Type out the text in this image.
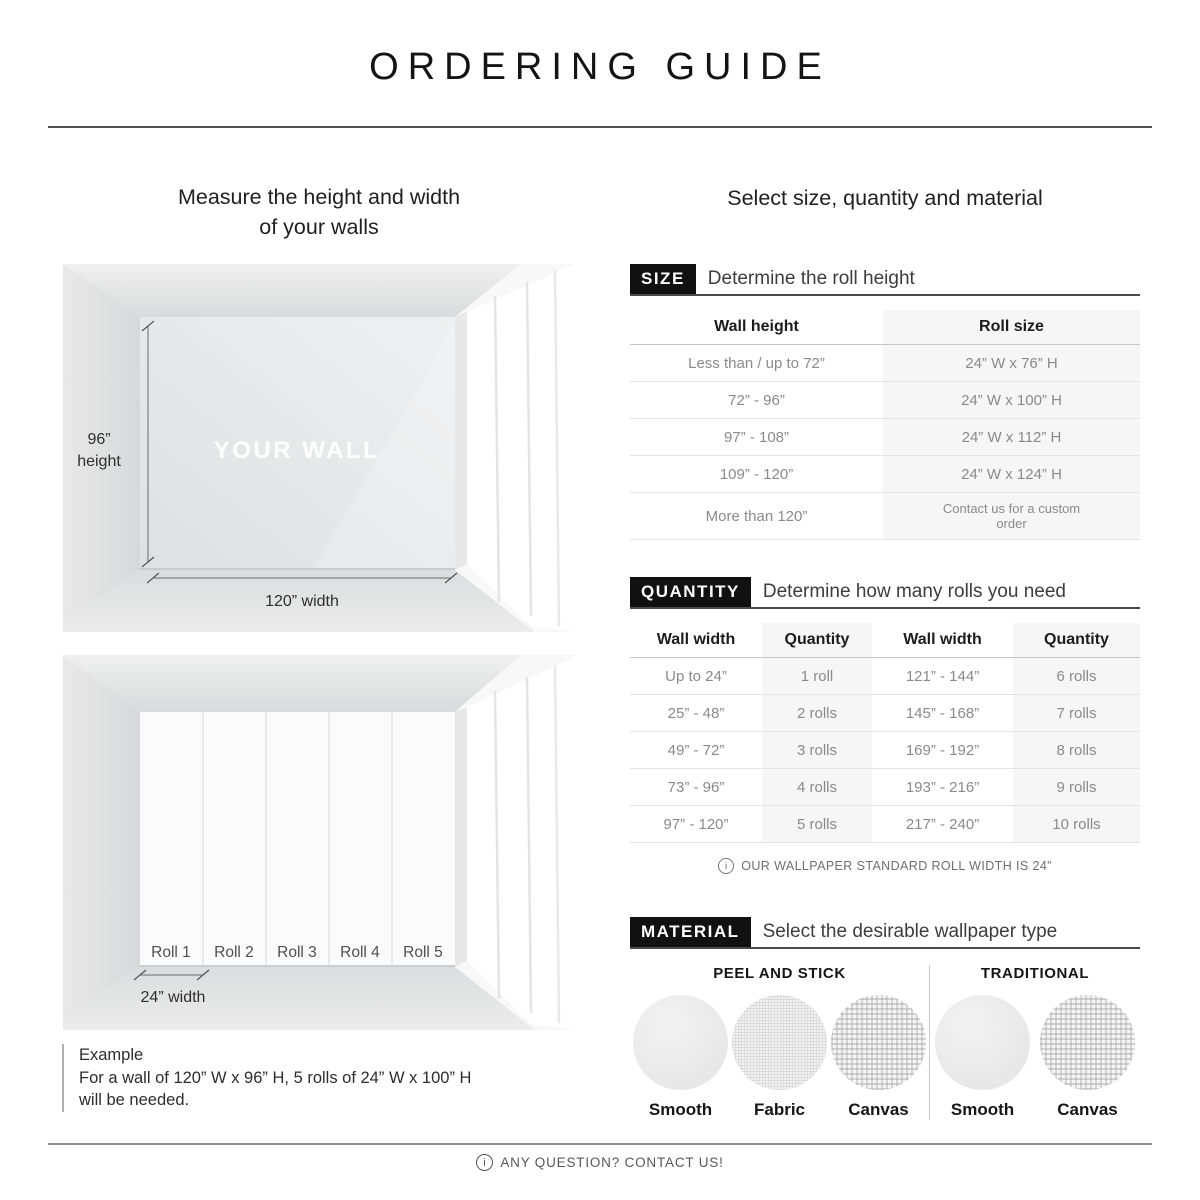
ORDERING GUIDE
Measure the height and width
of your walls
96”
height	YOUR WALL
120” width
Roll 1 Roll 2 Roll 3 Roll 4 Roll 5
24” width
Example
For a wall of 120” W x 96” H, 5 rolls of 24” W x 100” H
will be needed.
Select size, quantity and material
SIZE	Determine the roll height
Wall height	Roll size
Less than / up to 72”	24” W x 76” H
72” - 96”	24” W x 100” H
97” - 108”	24” W x 112” H
109” - 120”	24” W x 124” H
More than 120”	Contact us for a custom order
QUANTITY	Determine how many rolls you need
Wall width	Quantity	Wall width	Quantity
Up to 24”	1 roll	121” - 144”	6 rolls
25” - 48”	2 rolls	145” - 168”	7 rolls
49” - 72”	3 rolls	169” - 192”	8 rolls
73” - 96”	4 rolls	193” - 216”	9 rolls
97” - 120”	5 rolls	217” - 240”	10 rolls
i	OUR WALLPAPER STANDARD ROLL WIDTH IS 24”
MATERIAL	Select the desirable wallpaper type
PEEL AND STICK
Smooth Fabric	Canvas
TRADITIONAL
Smooth	Canvas
i	ANY QUESTION? CONTACT US!
